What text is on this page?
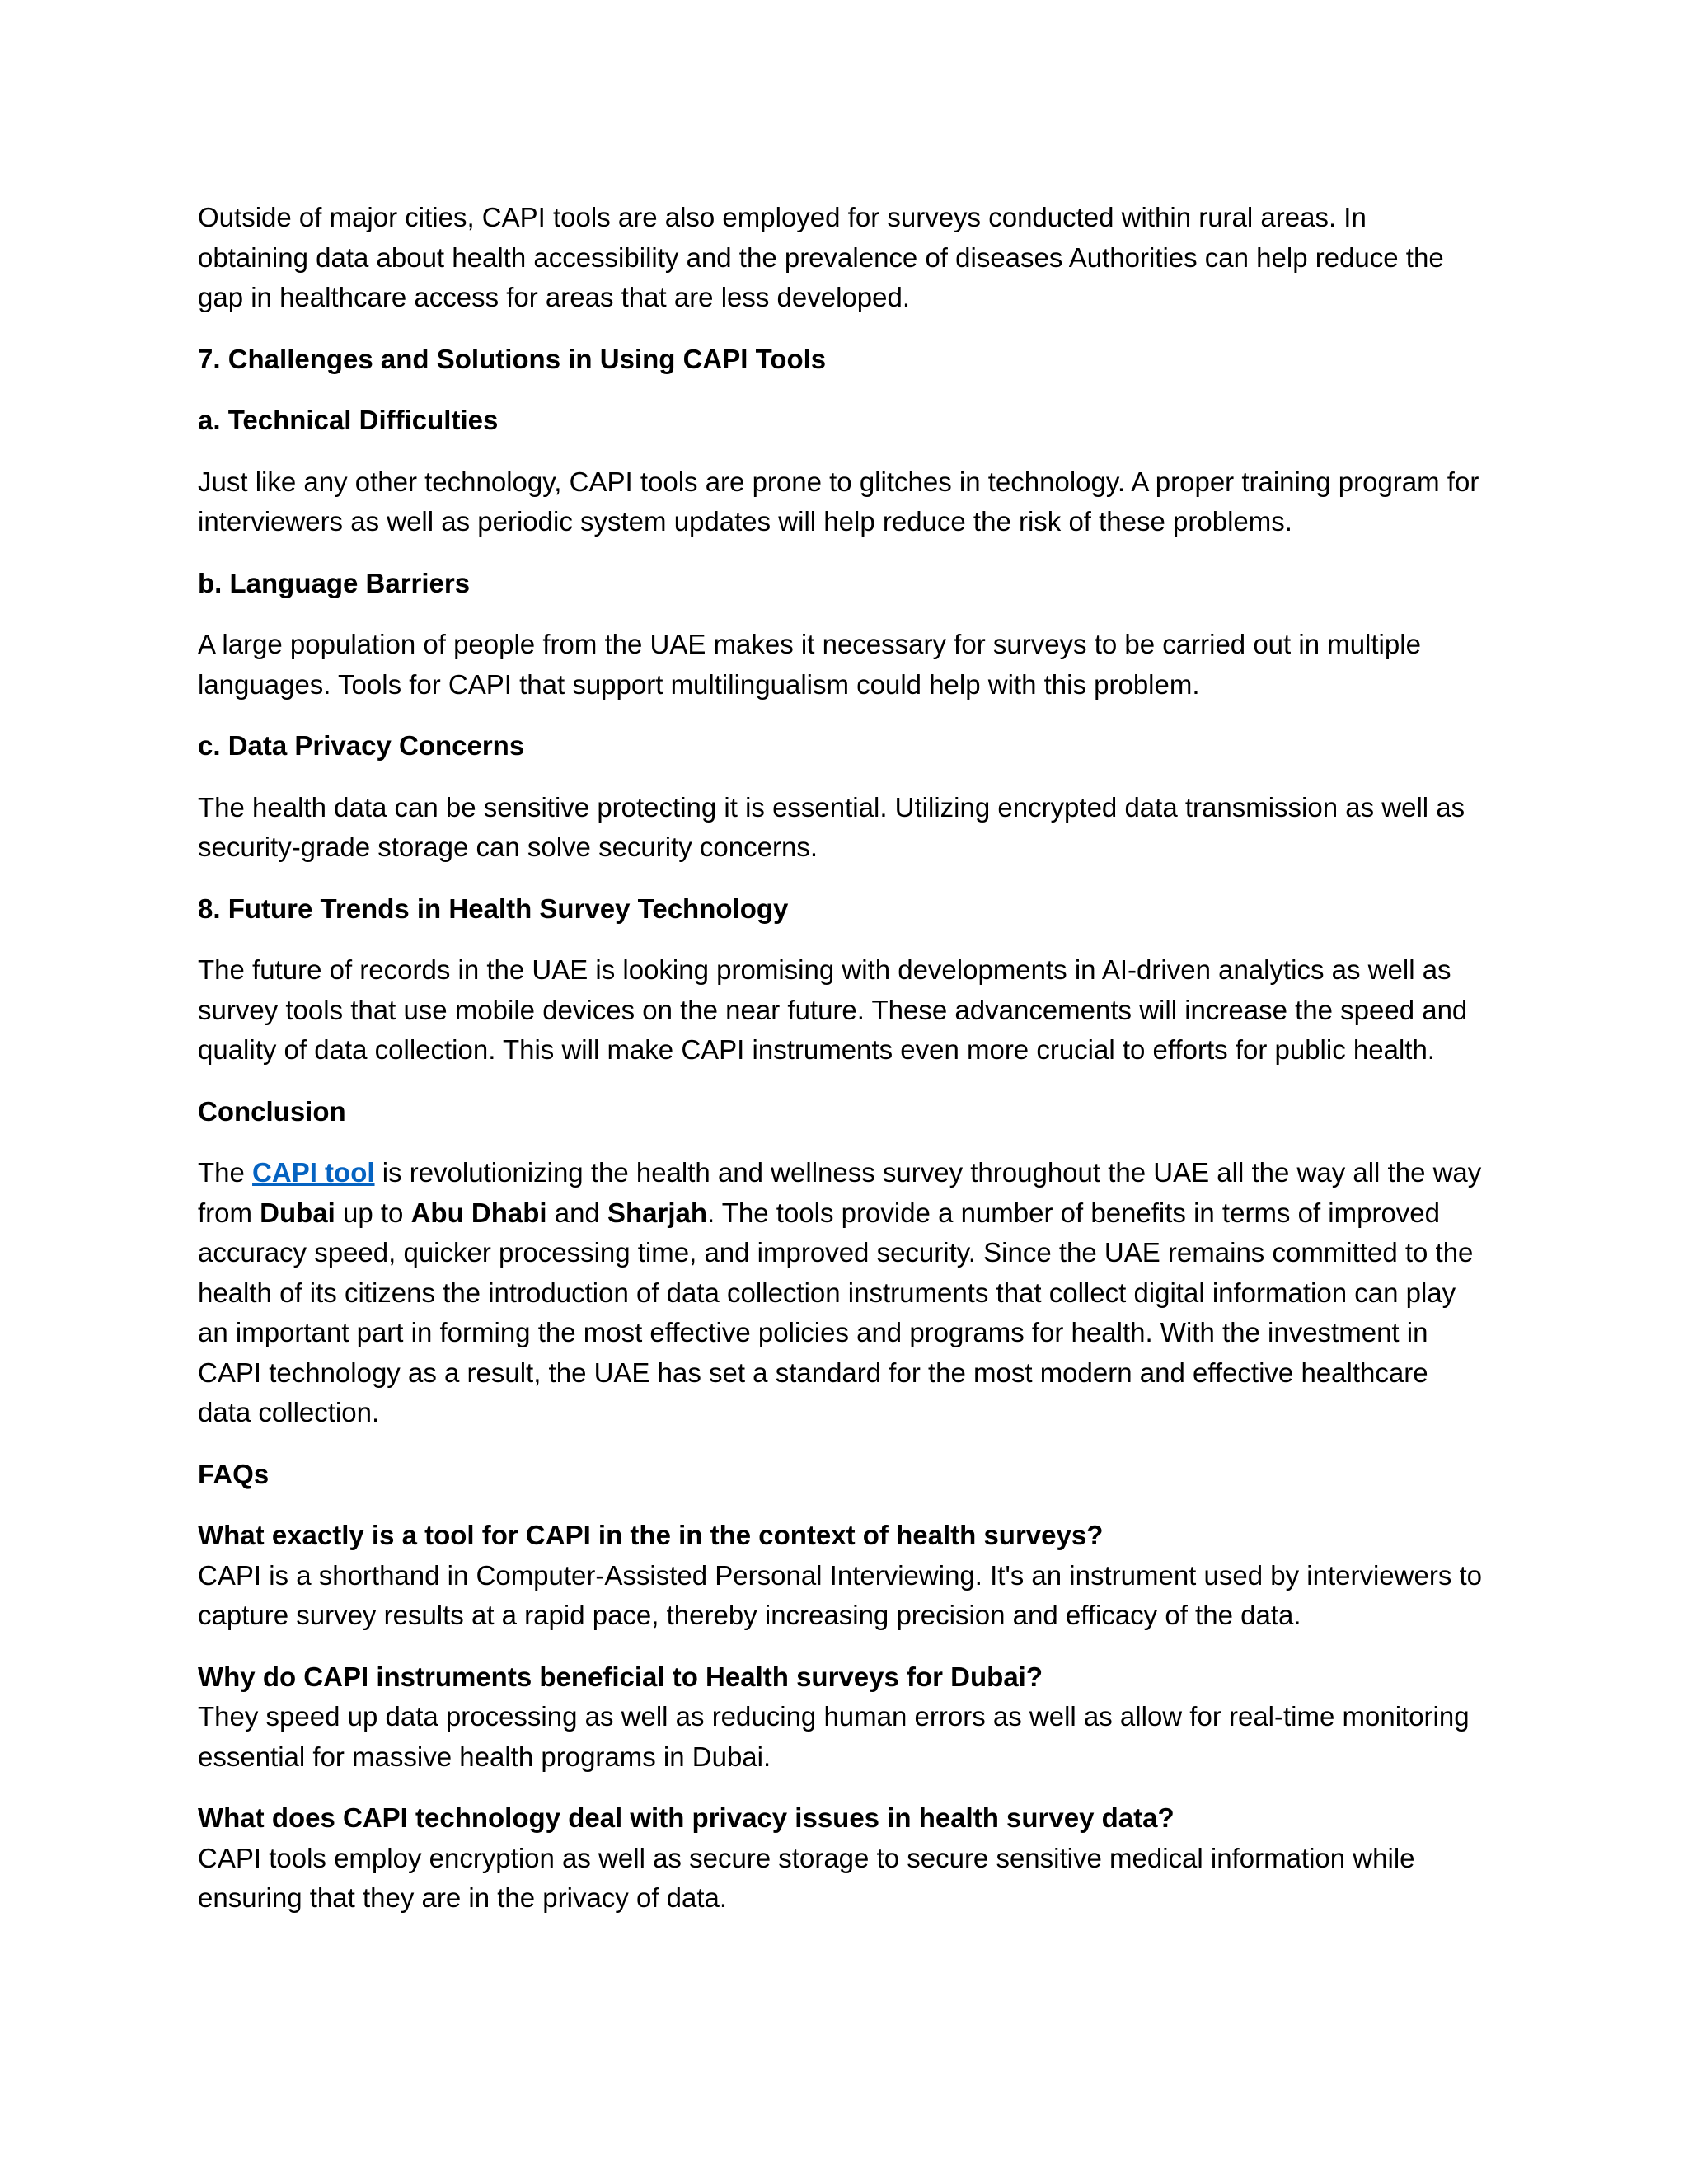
Outside of major cities, CAPI tools are also employed for surveys conducted within rural areas. In obtaining data about health accessibility and the prevalence of diseases Authorities can help reduce the gap in healthcare access for areas that are less developed.

7. Challenges and Solutions in Using CAPI Tools
a. Technical Difficulties

Just like any other technology, CAPI tools are prone to glitches in technology. A proper training program for interviewers as well as periodic system updates will help reduce the risk of these problems.

b. Language Barriers

A large population of people from the UAE makes it necessary for surveys to be carried out in multiple languages. Tools for CAPI that support multilingualism could help with this problem.

c. Data Privacy Concerns

The health data can be sensitive protecting it is essential. Utilizing encrypted data transmission as well as security-grade storage can solve security concerns.

8. Future Trends in Health Survey Technology

The future of records in the UAE is looking promising with developments in AI-driven analytics as well as survey tools that use mobile devices on the near future. These advancements will increase the speed and quality of data collection. This will make CAPI instruments even more crucial to efforts for public health.

Conclusion

The CAPI tool is revolutionizing the health and wellness survey throughout the UAE all the way all the way from Dubai up to Abu Dhabi and Sharjah. The tools provide a number of benefits in terms of improved accuracy speed, quicker processing time, and improved security. Since the UAE remains committed to the health of its citizens the introduction of data collection instruments that collect digital information can play an important part in forming the most effective policies and programs for health. With the investment in CAPI technology as a result, the UAE has set a standard for the most modern and effective healthcare data collection.

FAQs
What exactly is a tool for CAPI in the in the context of health surveys?

CAPI is a shorthand in Computer-Assisted Personal Interviewing. It's an instrument used by interviewers to capture survey results at a rapid pace, thereby increasing precision and efficacy of the data.

Why do CAPI instruments beneficial to Health surveys for Dubai?

They speed up data processing as well as reducing human errors as well as allow for real-time monitoring essential for massive health programs in Dubai.

What does CAPI technology deal with privacy issues in health survey data?

CAPI tools employ encryption as well as secure storage to secure sensitive medical information while ensuring that they are in the privacy of data.
